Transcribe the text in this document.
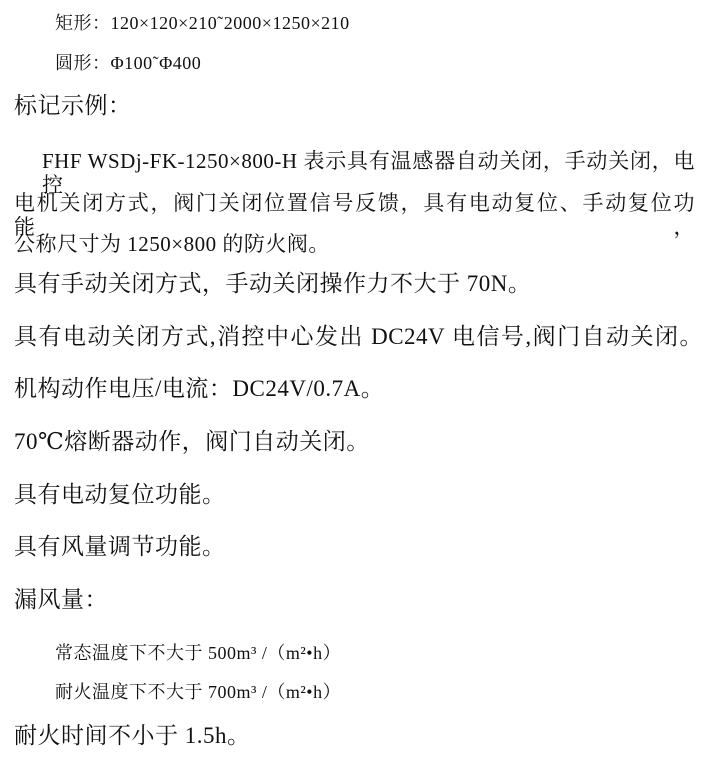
矩形：120×120×210˜2000×1250×210
圆形：Φ100˜Φ400
标记示例：
FHF WSDj-FK-1250×800-H 表示具有温感器自动关闭，手动关闭，电控
电机关闭方式，阀门关闭位置信号反馈，具有电动复位、手动复位功能，
公称尺寸为 1250×800 的防火阀。
具有手动关闭方式，手动关闭操作力不大于 70N。
具有电动关闭方式,消控中心发出 DC24V 电信号,阀门自动关闭。
机构动作电压/电流：DC24V/0.7A。
70℃熔断器动作，阀门自动关闭。
具有电动复位功能。
具有风量调节功能。
漏风量：
常态温度下不大于 500m³ /（m²•h）
耐火温度下不大于 700m³ /（m²•h）
耐火时间不小于 1.5h。
